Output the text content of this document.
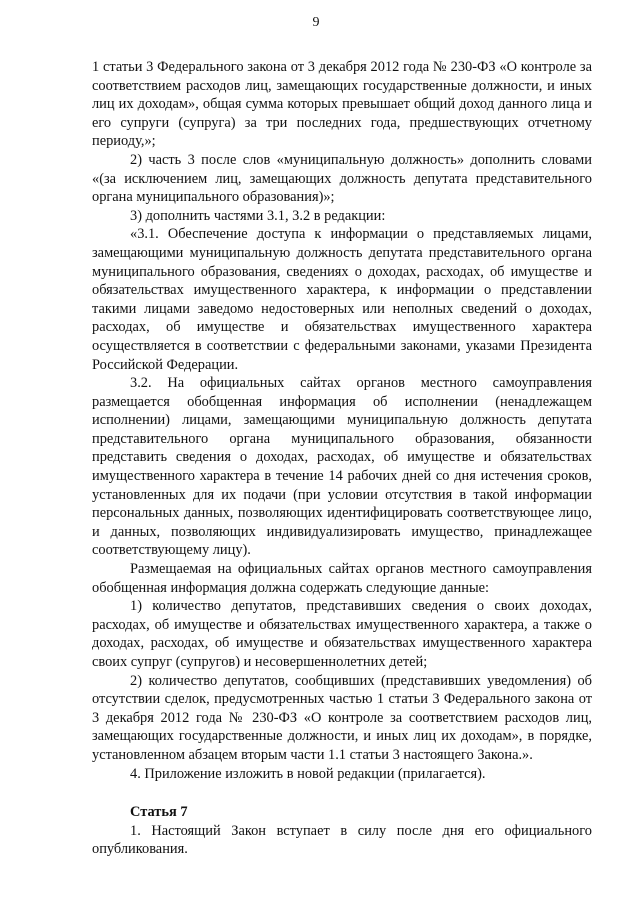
9

1 статьи 3 Федерального закона от 3 декабря 2012 года № 230-ФЗ «О контроле за соответствием расходов лиц, замещающих государственные должности, и иных лиц их доходам», общая сумма которых превышает общий доход данного лица и его супруги (супруга) за три последних года, предшествующих отчетному периоду,»;

2) часть 3 после слов «муниципальную должность» дополнить словами «(за исключением лиц, замещающих должность депутата представительного органа муниципального образования)»;

3) дополнить частями 3.1, 3.2 в редакции:

«3.1. Обеспечение доступа к информации о представляемых лицами, замещающими муниципальную должность депутата представительного органа муниципального образования, сведениях о доходах, расходах, об имуществе и обязательствах имущественного характера, к информации о представлении такими лицами заведомо недостоверных или неполных сведений о доходах, расходах, об имуществе и обязательствах имущественного характера осуществляется в соответствии с федеральными законами, указами Президента Российской Федерации.

3.2. На официальных сайтах органов местного самоуправления размещается обобщенная информация об исполнении (ненадлежащем исполнении) лицами, замещающими муниципальную должность депутата представительного органа муниципального образования, обязанности представить сведения о доходах, расходах, об имуществе и обязательствах имущественного характера в течение 14 рабочих дней со дня истечения сроков, установленных для их подачи (при условии отсутствия в такой информации персональных данных, позволяющих идентифицировать соответствующее лицо, и данных, позволяющих индивидуализировать имущество, принадлежащее соответствующему лицу).

Размещаемая на официальных сайтах органов местного самоуправления обобщенная информация должна содержать следующие данные:

1) количество депутатов, представивших сведения о своих доходах, расходах, об имуществе и обязательствах имущественного характера, а также о доходах, расходах, об имуществе и обязательствах имущественного характера своих супруг (супругов) и несовершеннолетних детей;

2) количество депутатов, сообщивших (представивших уведомления) об отсутствии сделок, предусмотренных частью 1 статьи 3 Федерального закона от 3 декабря 2012 года № 230-ФЗ «О контроле за соответствием расходов лиц, замещающих государственные должности, и иных лиц их доходам», в порядке, установленном абзацем вторым части 1.1 статьи 3 настоящего Закона.».

4. Приложение изложить в новой редакции (прилагается).

Статья 7

1. Настоящий Закон вступает в силу после дня его официального опубликования.
